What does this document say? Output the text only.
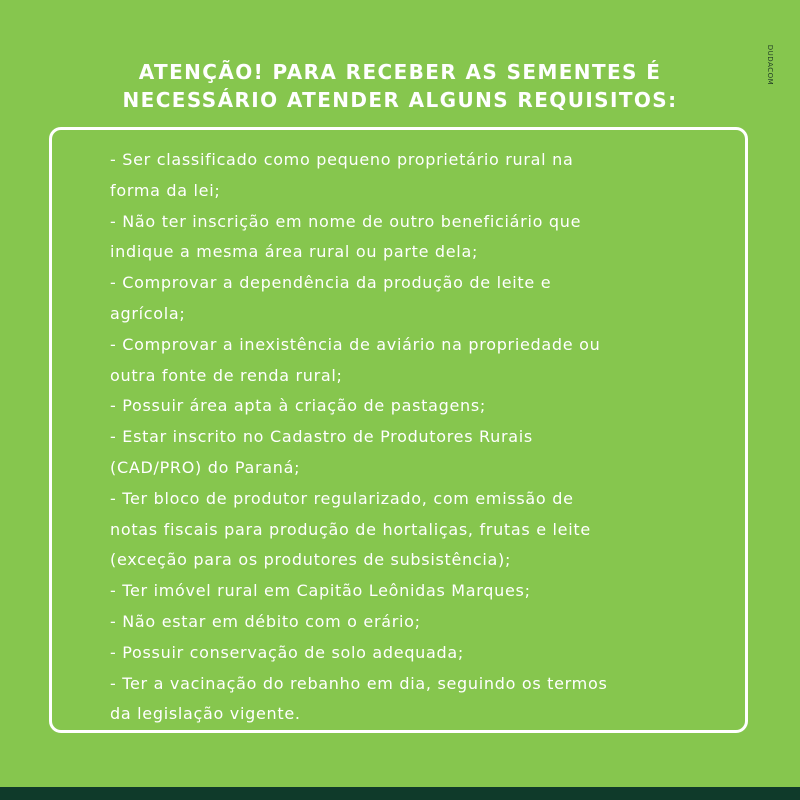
ATENÇÃO! PARA RECEBER AS SEMENTES É
NECESSÁRIO ATENDER ALGUNS REQUISITOS:
DUDACOM
- Ser classificado como pequeno proprietário rural na
forma da lei;
- Não ter inscrição em nome de outro beneficiário que
indique a mesma área rural ou parte dela;
- Comprovar a dependência da produção de leite e
agrícola;
- Comprovar a inexistência de aviário na propriedade ou
outra fonte de renda rural;
- Possuir área apta à criação de pastagens;
- Estar inscrito no Cadastro de Produtores Rurais
(CAD/PRO) do Paraná;
- Ter bloco de produtor regularizado, com emissão de
notas fiscais para produção de hortaliças, frutas e leite
(exceção para os produtores de subsistência);
- Ter imóvel rural em Capitão Leônidas Marques;
- Não estar em débito com o erário;
- Possuir conservação de solo adequada;
- Ter a vacinação do rebanho em dia, seguindo os termos
da legislação vigente.
